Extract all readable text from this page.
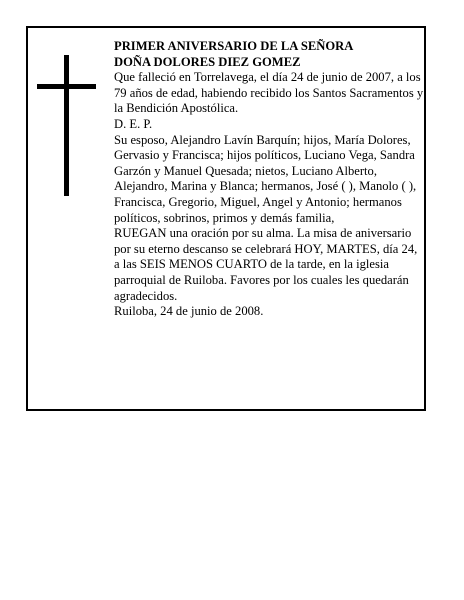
PRIMER ANIVERSARIO DE LA SEÑORA

DOÑA DOLORES DIEZ GOMEZ

Que falleció en Torrelavega, el día 24 de junio de 2007, a los 79 años de edad, habiendo recibido los Santos Sacramentos y la Bendición Apostólica.

D. E. P.

Su esposo, Alejandro Lavín Barquín; hijos, María Dolores, Gervasio y Francisca; hijos políticos, Luciano Vega, Sandra Garzón y Manuel Quesada; nietos, Luciano Alberto, Alejandro, Marina y Blanca; hermanos, José ( ), Manolo ( ), Francisca, Gregorio, Miguel, Angel y Antonio; hermanos políticos, sobrinos, primos y demás familia,

RUEGAN una oración por su alma. La misa de aniversario por su eterno descanso se celebrará HOY, MARTES, día 24, a las SEIS MENOS CUARTO de la tarde, en la iglesia parroquial de Ruiloba. Favores por los cuales les quedarán agradecidos.

Ruiloba, 24 de junio de 2008.
